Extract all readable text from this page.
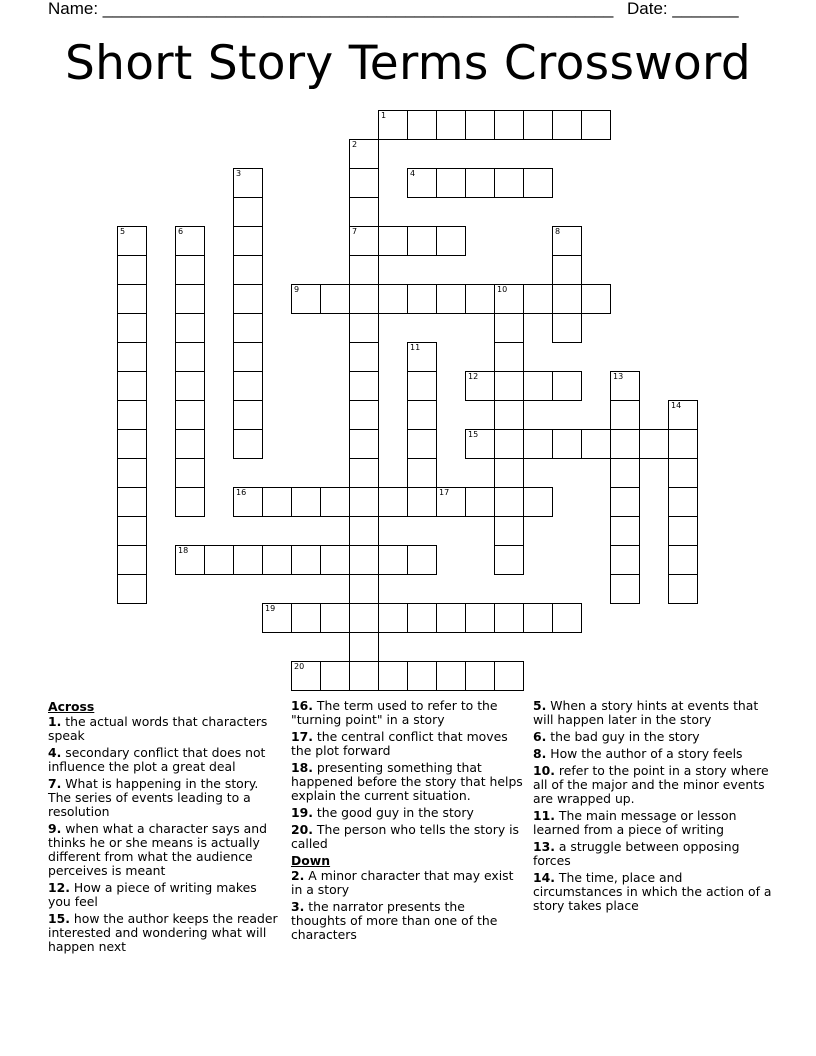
Name: ______________________________________________________ Date: _______
Short Story Terms Crossword
1
2
7
3	4
5	6	8
9	10
11
12	13
14
15
16	17
18
19
20
Across
1. the actual words that characters speak
4. secondary conflict that does not influence the plot a great deal
7. What is happening in the story. The series of events leading to a resolution
9. when what a character says and thinks he or she means is actually different from what the audience perceives is meant
12. How a piece of writing makes you feel
15. how the author keeps the reader interested and wondering what will happen next
16. The term used to refer to the "turning point" in a story
17. the central conflict that moves the plot forward
18. presenting something that happened before the story that helps explain the current situation.
19. the good guy in the story
20. The person who tells the story is called
Down
2. A minor character that may exist in a story
3. the narrator presents the thoughts of more than one of the characters
5. When a story hints at events that will happen later in the story
6. the bad guy in the story
8. How the author of a story feels
10. refer to the point in a story where all of the major and the minor events are wrapped up.
11. The main message or lesson learned from a piece of writing
13. a struggle between opposing forces
14. The time, place and circumstances in which the action of a story takes place
